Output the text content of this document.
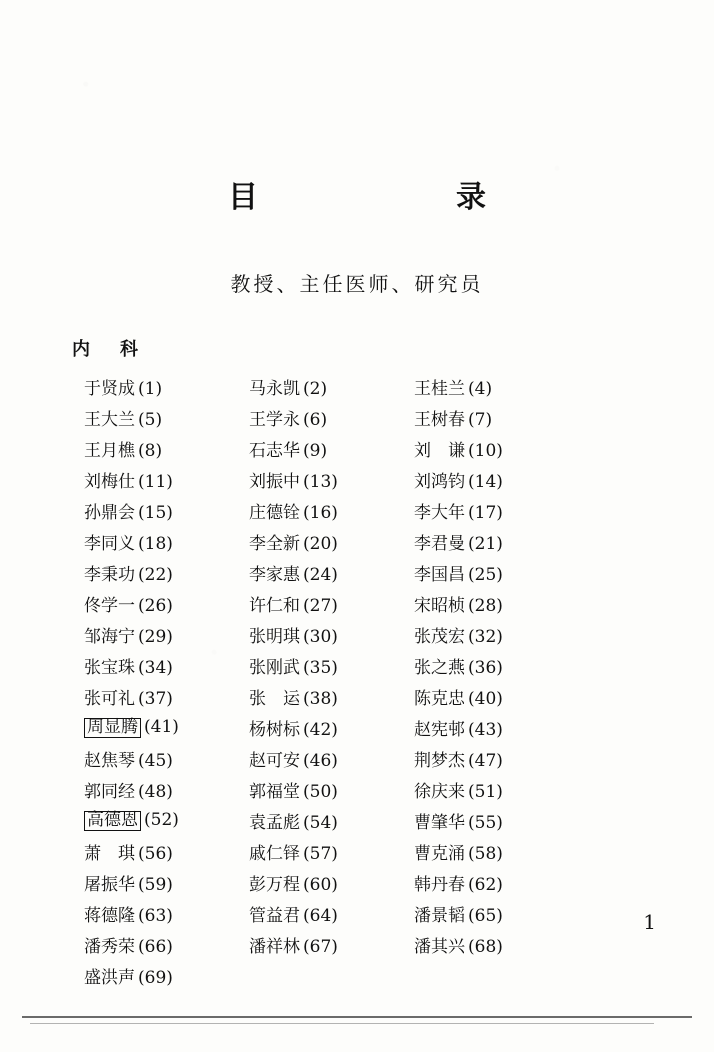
目　　录
教授、主任医师、研究员
内　科
于贤成 (1)	马永凯 (2)	王桂兰 (4)
王大兰 (5)	王学永 (6)	王树春 (7)
王月樵 (8)	石志华 (9)	刘　谦 (10)
刘梅仕 (11)	刘振中 (13)	刘鸿钧 (14)
孙鼎会 (15)	庄德铨 (16)	李大年 (17)
李同义 (18)	李全新 (20)	李君曼 (21)
李秉功 (22)	李家惠 (24)	李国昌 (25)
佟学一 (26)	许仁和 (27)	宋昭桢 (28)
邹海宁 (29)	张明琪 (30)	张茂宏 (32)
张宝珠 (34)	张刚武 (35)	张之燕 (36)
张可礼 (37)	张　运 (38)	陈克忠 (40)
周显腾 (41)	杨树标 (42)	赵宪邨 (43)
赵焦琴 (45)	赵可安 (46)	荆梦杰 (47)
郭同经 (48)	郭福堂 (50)	徐庆来 (51)
高德恩 (52)	袁孟彪 (54)	曹肇华 (55)
萧　琪 (56)	戚仁铎 (57)	曹克涌 (58)
屠振华 (59)	彭万程 (60)	韩丹春 (62)
蒋德隆 (63)	管益君 (64)	潘景韬 (65)
潘秀荣 (66)	潘祥林 (67)	潘其兴 (68)
盛洪声 (69)
1
